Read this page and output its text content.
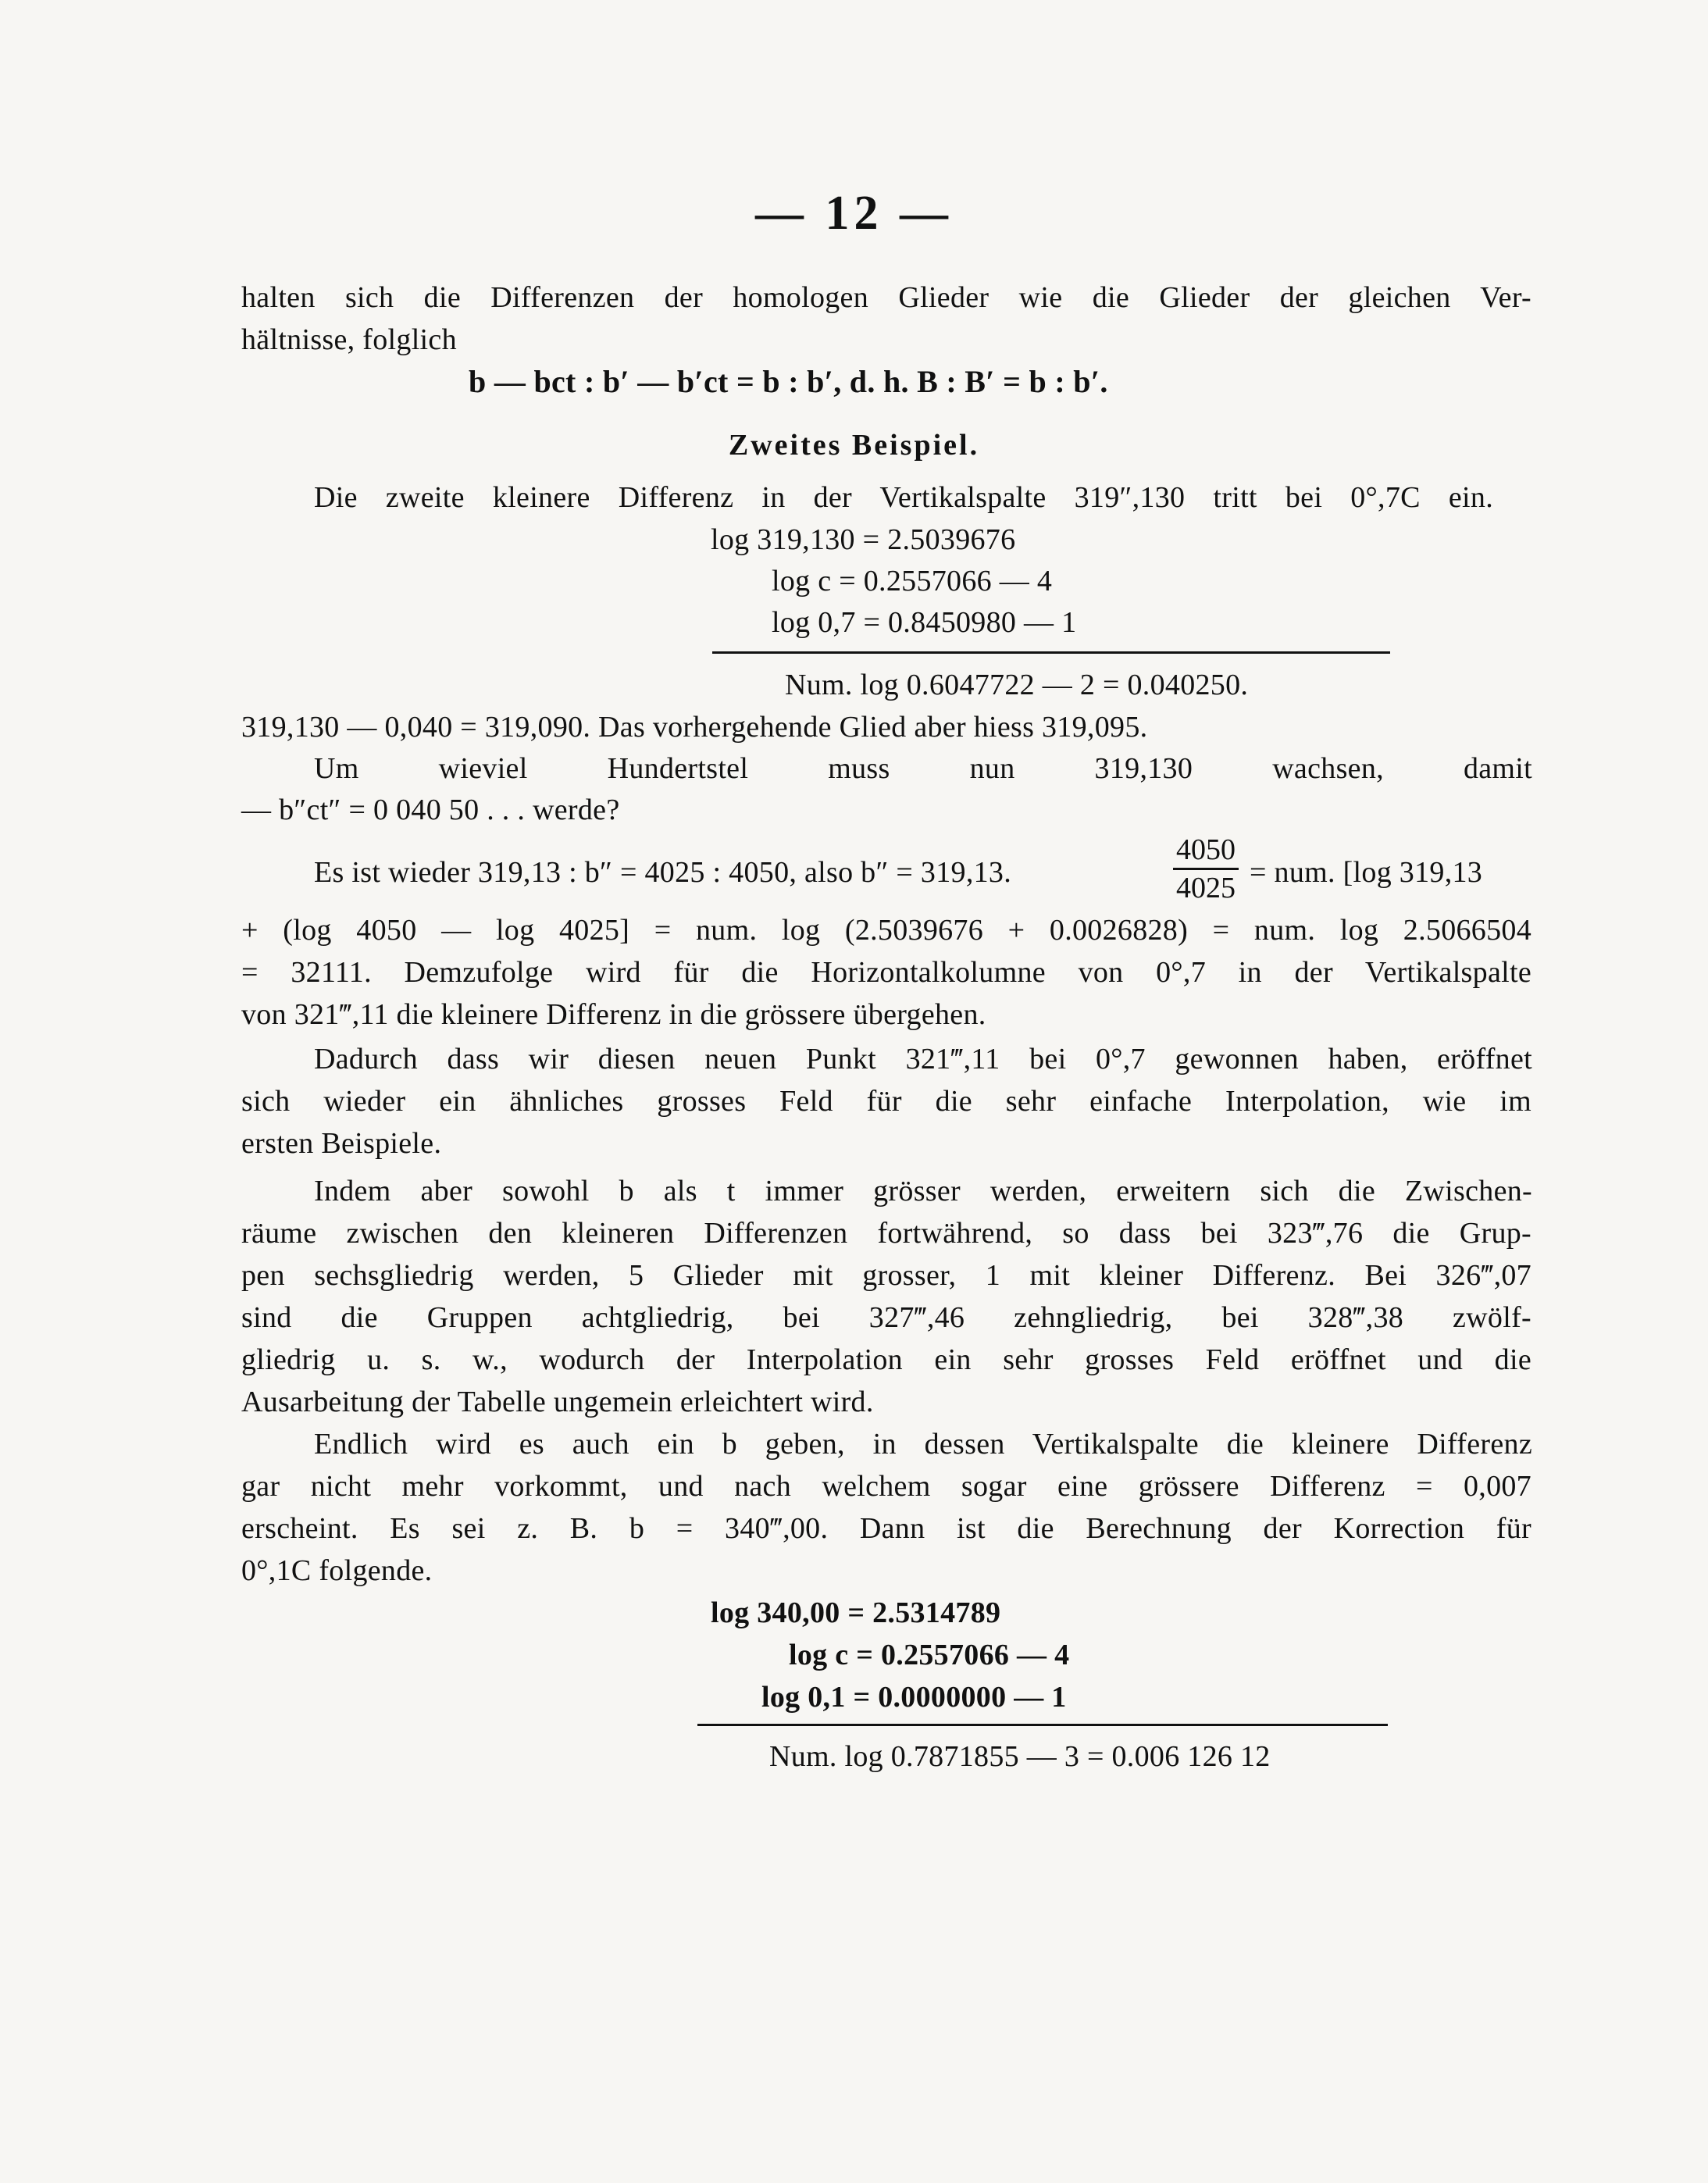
— 12 —
halten sich die Differenzen der homologen Glieder wie die Glieder der gleichen Ver-
hältnisse, folglich
b — bct : b′ — b′ct = b : b′, d. h. B : B′ = b : b′.
Zweites Beispiel.
Die zweite kleinere Differenz in der Vertikalspalte 319″,130 tritt bei 0°,7C ein.
log 319,130 = 2.5039676
log c = 0.2557066 — 4
log 0,7 = 0.8450980 — 1
Num. log 0.6047722 — 2 = 0.040250.
319,130 — 0,040 = 319,090. Das vorhergehende Glied aber hiess 319,095.
Um wieviel Hundertstel muss nun 319,130 wachsen, damit
— b″ct″ = 0 040 50 . . . werde?
Es ist wieder 319,13 : b″ = 4025 : 4050, also b″ = 319,13.
4050
4025 = num. [log 319,13
+ (log 4050 — log 4025] = num. log (2.5039676 + 0.0026828) = num. log 2.5066504
= 32111. Demzufolge wird für die Horizontalkolumne von 0°,7 in der Vertikalspalte
von 321‴,11 die kleinere Differenz in die grössere übergehen.
Dadurch dass wir diesen neuen Punkt 321‴,11 bei 0°,7 gewonnen haben, eröffnet
sich wieder ein ähnliches grosses Feld für die sehr einfache Interpolation, wie im
ersten Beispiele.
Indem aber sowohl b als t immer grösser werden, erweitern sich die Zwischen-
räume zwischen den kleineren Differenzen fortwährend, so dass bei 323‴,76 die Grup-
pen sechsgliedrig werden, 5 Glieder mit grosser, 1 mit kleiner Differenz. Bei 326‴,07
sind die Gruppen achtgliedrig, bei 327‴,46 zehngliedrig, bei 328‴,38 zwölf-
gliedrig u. s. w., wodurch der Interpolation ein sehr grosses Feld eröffnet und die
Ausarbeitung der Tabelle ungemein erleichtert wird.
Endlich wird es auch ein b geben, in dessen Vertikalspalte die kleinere Differenz
gar nicht mehr vorkommt, und nach welchem sogar eine grössere Differenz = 0,007
erscheint. Es sei z. B. b = 340‴,00. Dann ist die Berechnung der Korrection für
0°,1C folgende.
log 340,00 = 2.5314789
log c = 0.2557066 — 4
log 0,1 = 0.0000000 — 1
Num. log 0.7871855 — 3 = 0.006 126 12
